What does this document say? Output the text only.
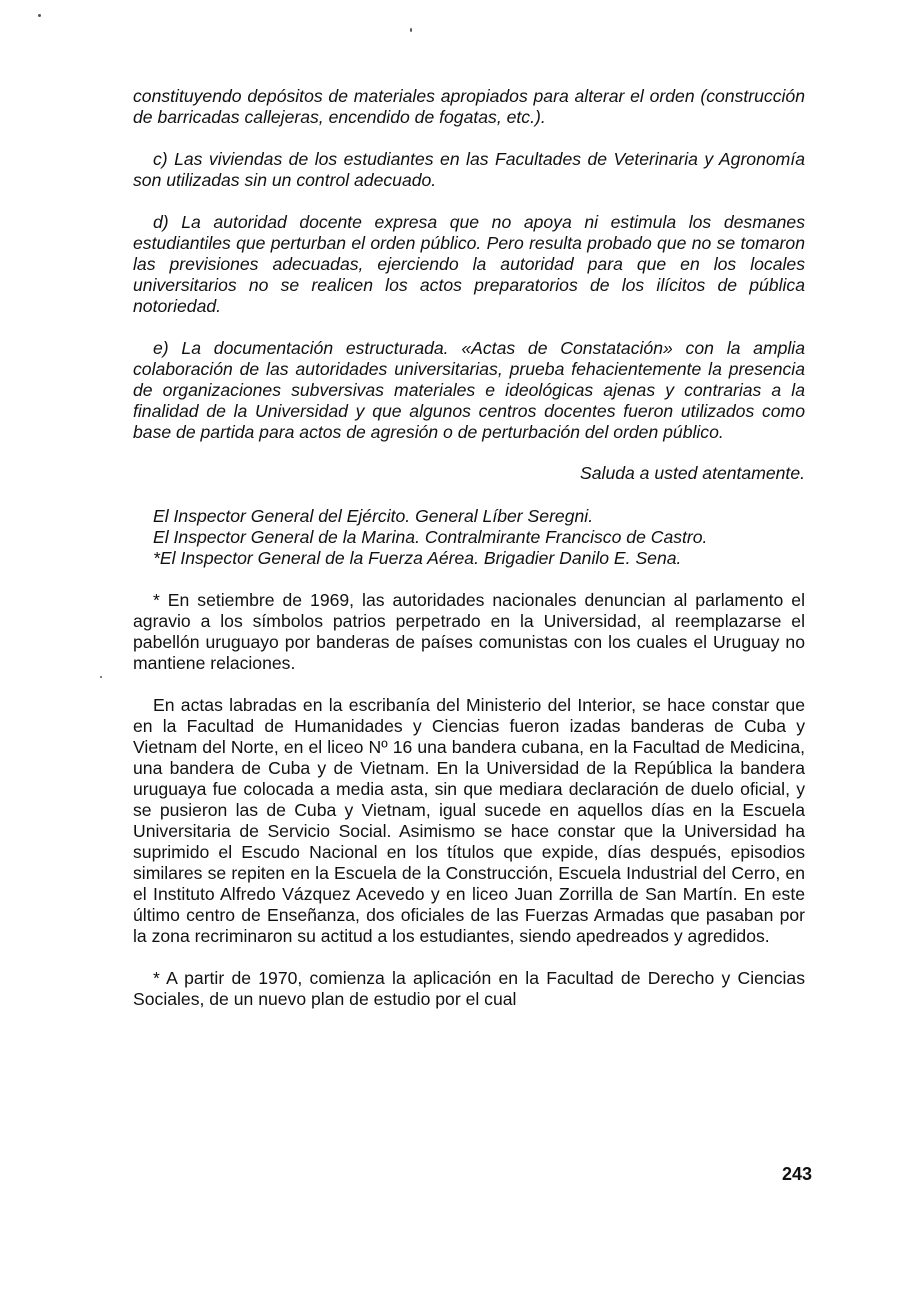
constituyendo depósitos de materiales apropiados para alterar el orden (construcción de barricadas callejeras, encendido de fogatas, etc.).

c) Las viviendas de los estudiantes en las Facultades de Veterinaria y Agronomía son utilizadas sin un control adecuado.

d) La autoridad docente expresa que no apoya ni estimula los desmanes estudiantiles que perturban el orden público. Pero resulta probado que no se tomaron las previsiones adecuadas, ejerciendo la autoridad para que en los locales universitarios no se realicen los actos preparatorios de los ilícitos de pública notoriedad.

e) La documentación estructurada. «Actas de Constatación» con la amplia colaboración de las autoridades universitarias, prueba fehacientemente la presencia de organizaciones subversivas materiales e ideológicas ajenas y contrarias a la finalidad de la Universidad y que algunos centros docentes fueron utilizados como base de partida para actos de agresión o de perturbación del orden público.

Saluda a usted atentamente.

El Inspector General del Ejército. General Líber Seregni.

El Inspector General de la Marina. Contralmirante Francisco de Castro.

*El Inspector General de la Fuerza Aérea. Brigadier Danilo E. Sena.

* En setiembre de 1969, las autoridades nacionales denuncian al parlamento el agravio a los símbolos patrios perpetrado en la Universidad, al reemplazarse el pabellón uruguayo por banderas de países comunistas con los cuales el Uruguay no mantiene relaciones.

En actas labradas en la escribanía del Ministerio del Interior, se hace constar que en la Facultad de Humanidades y Ciencias fueron izadas banderas de Cuba y Vietnam del Norte, en el liceo Nº 16 una bandera cubana, en la Facultad de Medicina, una bandera de Cuba y de Vietnam. En la Universidad de la República la bandera uruguaya fue colocada a media asta, sin que mediara declaración de duelo oficial, y se pusieron las de Cuba y Vietnam, igual sucede en aquellos días en la Escuela Universitaria de Servicio Social. Asimismo se hace constar que la Universidad ha suprimido el Escudo Nacional en los títulos que expide, días después, episodios similares se repiten en la Escuela de la Construcción, Escuela Industrial del Cerro, en el Instituto Alfredo Vázquez Acevedo y en liceo Juan Zorrilla de San Martín. En este último centro de Enseñanza, dos oficiales de las Fuerzas Armadas que pasaban por la zona recriminaron su actitud a los estudiantes, siendo apedreados y agredidos.

* A partir de 1970, comienza la aplicación en la Facultad de Derecho y Ciencias Sociales, de un nuevo plan de estudio por el cual

243
